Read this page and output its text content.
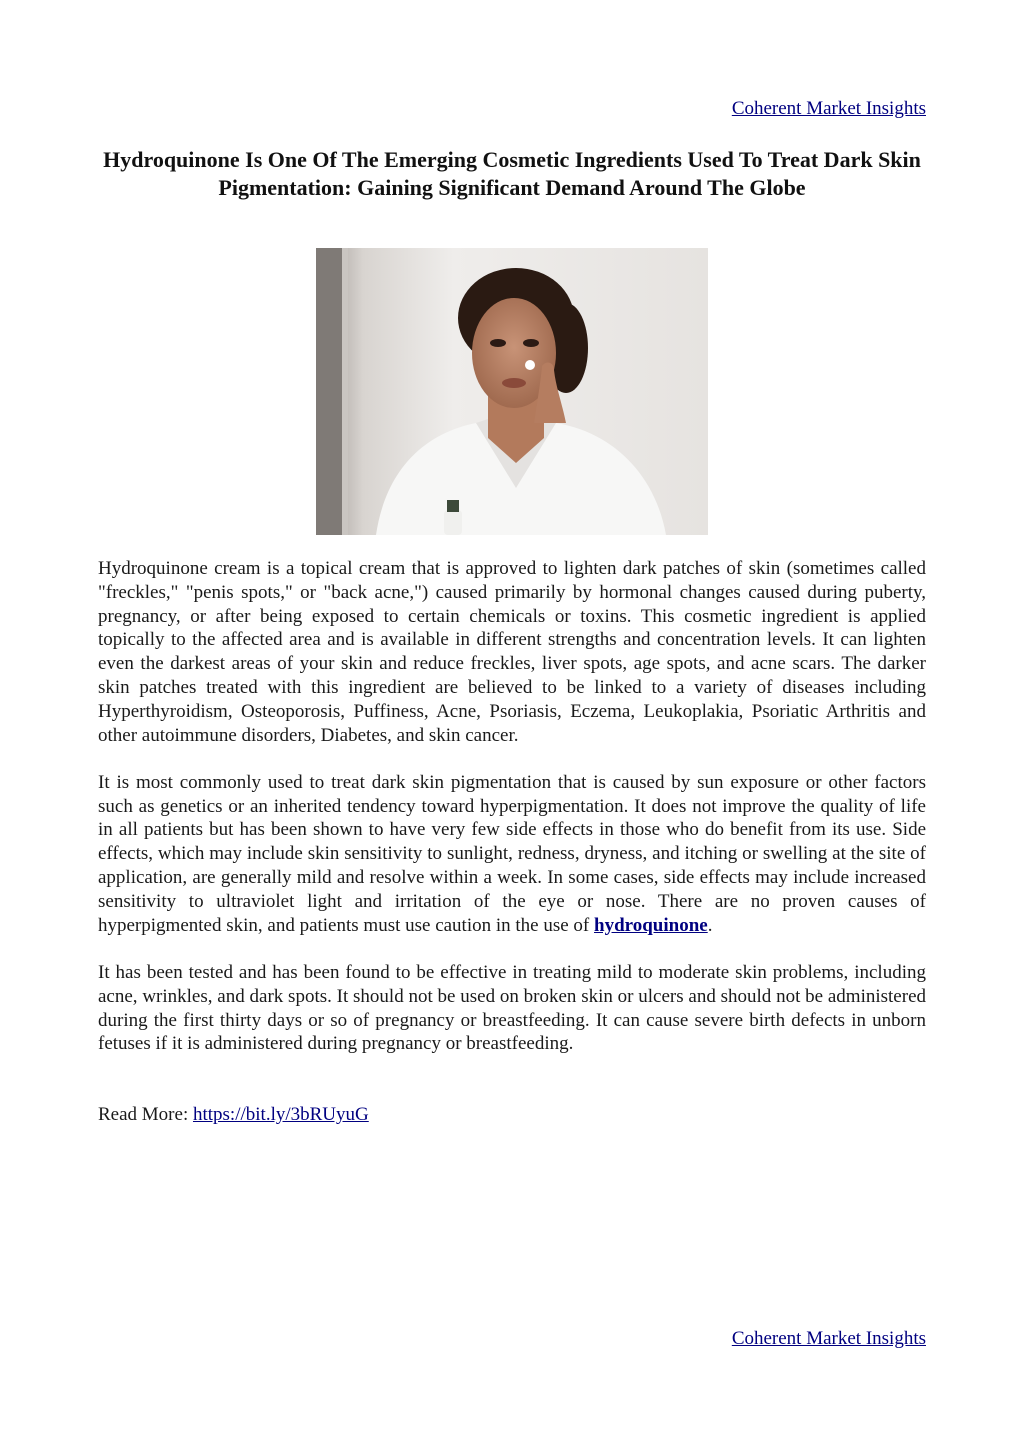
Coherent Market Insights
Hydroquinone Is One Of The Emerging Cosmetic Ingredients Used To Treat Dark Skin Pigmentation: Gaining Significant Demand Around The Globe

Hydroquinone cream is a topical cream that is approved to lighten dark patches of skin (sometimes called "freckles," "penis spots," or "back acne,") caused primarily by hormonal changes caused during puberty, pregnancy, or after being exposed to certain chemicals or toxins. This cosmetic ingredient is applied topically to the affected area and is available in different strengths and concentration levels. It can lighten even the darkest areas of your skin and reduce freckles, liver spots, age spots, and acne scars. The darker skin patches treated with this ingredient are believed to be linked to a variety of diseases including Hyperthyroidism, Osteoporosis, Puffiness, Acne, Psoriasis, Eczema, Leukoplakia, Psoriatic Arthritis and other autoimmune disorders, Diabetes, and skin cancer.

It is most commonly used to treat dark skin pigmentation that is caused by sun exposure or other factors such as genetics or an inherited tendency toward hyperpigmentation. It does not improve the quality of life in all patients but has been shown to have very few side effects in those who do benefit from its use. Side effects, which may include skin sensitivity to sunlight, redness, dryness, and itching or swelling at the site of application, are generally mild and resolve within a week. In some cases, side effects may include increased sensitivity to ultraviolet light and irritation of the eye or nose. There are no proven causes of hyperpigmented skin, and patients must use caution in the use of hydroquinone.

It has been tested and has been found to be effective in treating mild to moderate skin problems, including acne, wrinkles, and dark spots. It should not be used on broken skin or ulcers and should not be administered during the first thirty days or so of pregnancy or breastfeeding. It can cause severe birth defects in unborn fetuses if it is administered during pregnancy or breastfeeding.

Read More: https://bit.ly/3bRUyuG

Coherent Market Insights
